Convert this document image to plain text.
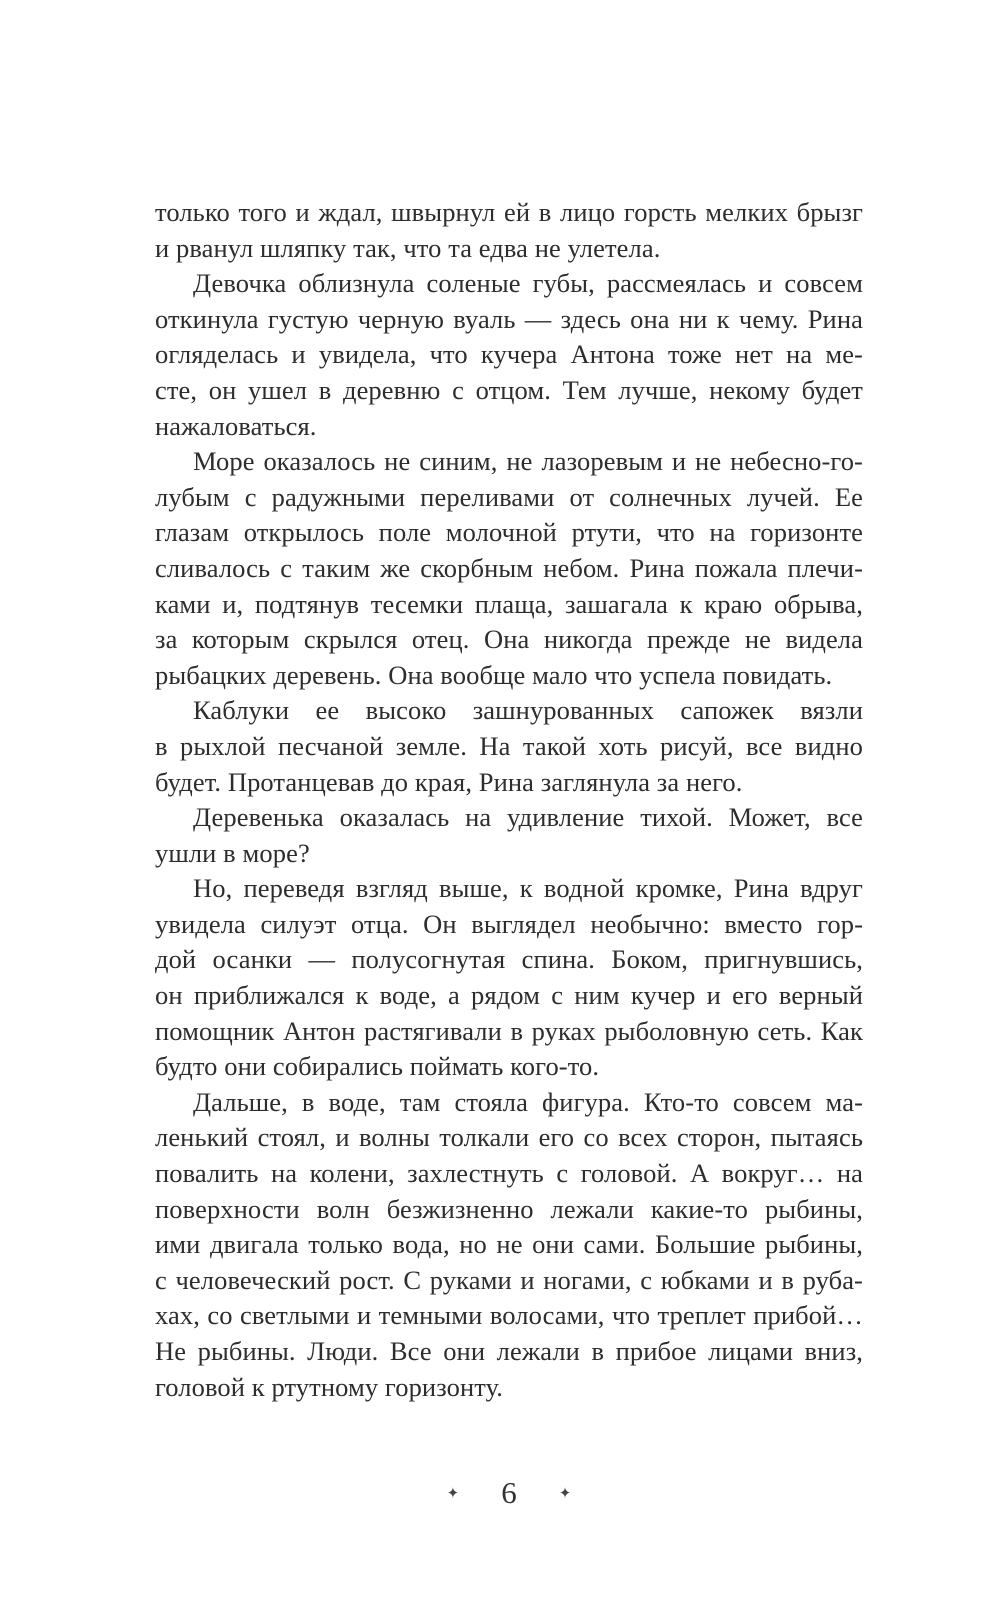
только того и ждал, швырнул ей в лицо горсть мелких брызг
и рванул шляпку так, что та едва не улетела.
Девочка облизнула соленые губы, рассмеялась и совсем
откинула густую черную вуаль — здесь она ни к чему. Рина
огляделась и увидела, что кучера Антона тоже нет на ме-
сте, он ушел в деревню с отцом. Тем лучше, некому будет
нажаловаться.
Море оказалось не синим, не лазоревым и не небесно-го-
лубым с радужными переливами от солнечных лучей. Ее
глазам открылось поле молочной ртути, что на горизонте
сливалось с таким же скорбным небом. Рина пожала плечи-
ками и, подтянув тесемки плаща, зашагала к краю обрыва,
за которым скрылся отец. Она никогда прежде не видела
рыбацких деревень. Она вообще мало что успела повидать.
Каблуки ее высоко зашнурованных сапожек вязли
в рыхлой песчаной земле. На такой хоть рисуй, все видно
будет. Протанцевав до края, Рина заглянула за него.
Деревенька оказалась на удивление тихой. Может, все
ушли в море?
Но, переведя взгляд выше, к водной кромке, Рина вдруг
увидела силуэт отца. Он выглядел необычно: вместо гор-
дой осанки — полусогнутая спина. Боком, пригнувшись,
он приближался к воде, а рядом с ним кучер и его верный
помощник Антон растягивали в руках рыболовную сеть. Как
будто они собирались поймать кого-то.
Дальше, в воде, там стояла фигура. Кто-то совсем ма-
ленький стоял, и волны толкали его со всех сторон, пытаясь
повалить на колени, захлестнуть с головой. А вокруг… на
поверхности волн безжизненно лежали какие-то рыбины,
ими двигала только вода, но не они сами. Большие рыбины,
с человеческий рост. С руками и ногами, с юбками и в руба-
хах, со светлыми и темными волосами, что треплет прибой…
Не рыбины. Люди. Все они лежали в прибое лицами вниз,
головой к ртутному горизонту.
✦ 6	✦
